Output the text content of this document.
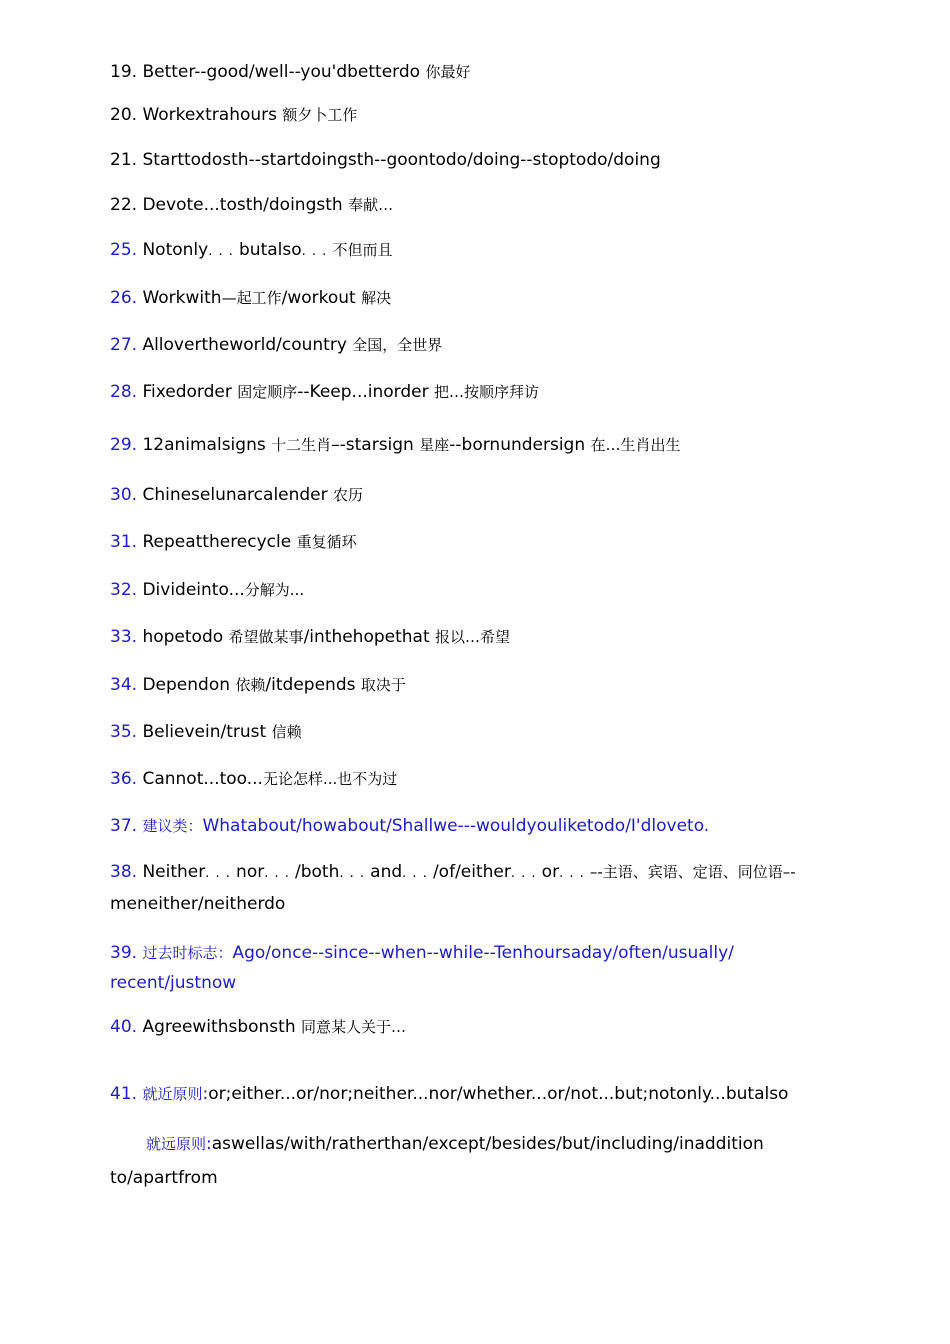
19. Better--good/well--you'dbetterdo 你最好
20. Workextrahours 额夕卜工作
21. Starttodosth--startdoingsth--goontodo/doing--stoptodo/doing
22. Devote...tosth/doingsth 奉献…
25. Notonly. . . butalso. . . 不但而且
26. Workwith—起工作/workout 解决
27. Allovertheworld/country 全国，全世界
28. Fixedorder 固定顺序--Keep...inorder 把…按顺序拜访
29. 12animalsigns 十二生肖–-starsign 星座--bornundersign 在…生肖出生
30. Chineselunarcalender 农历
31. Repeattherecycle 重复循环
32. Divideinto...分解为...
33. hopetodo 希望做某事/inthehopethat 报以…希望
34. Dependon 依赖/itdepends 取决于
35. Believein/trust 信赖
36. Cannot...too...无论怎样...也不为过
37. 建议类：Whatabout/howabout/Shallwe---wouldyouliketodo/I'dloveto.
38. Neither. . . nor. . . /both. . . and. . . /of/either. . . or. . . –-主语、宾语、定语、同位语–-
meneither/neitherdo
39. 过去时标志：Ago/once--since--when--while--Tenhoursaday/often/usually/
recent/justnow
40. Agreewithsbonsth 同意某人关于…
41. 就近原则:or;either...or/nor;neither...nor/whether...or/not...but;notonly...butalso
就远原则:aswellas/with/ratherthan/except/besides/but/including/inaddition
to/apartfrom
